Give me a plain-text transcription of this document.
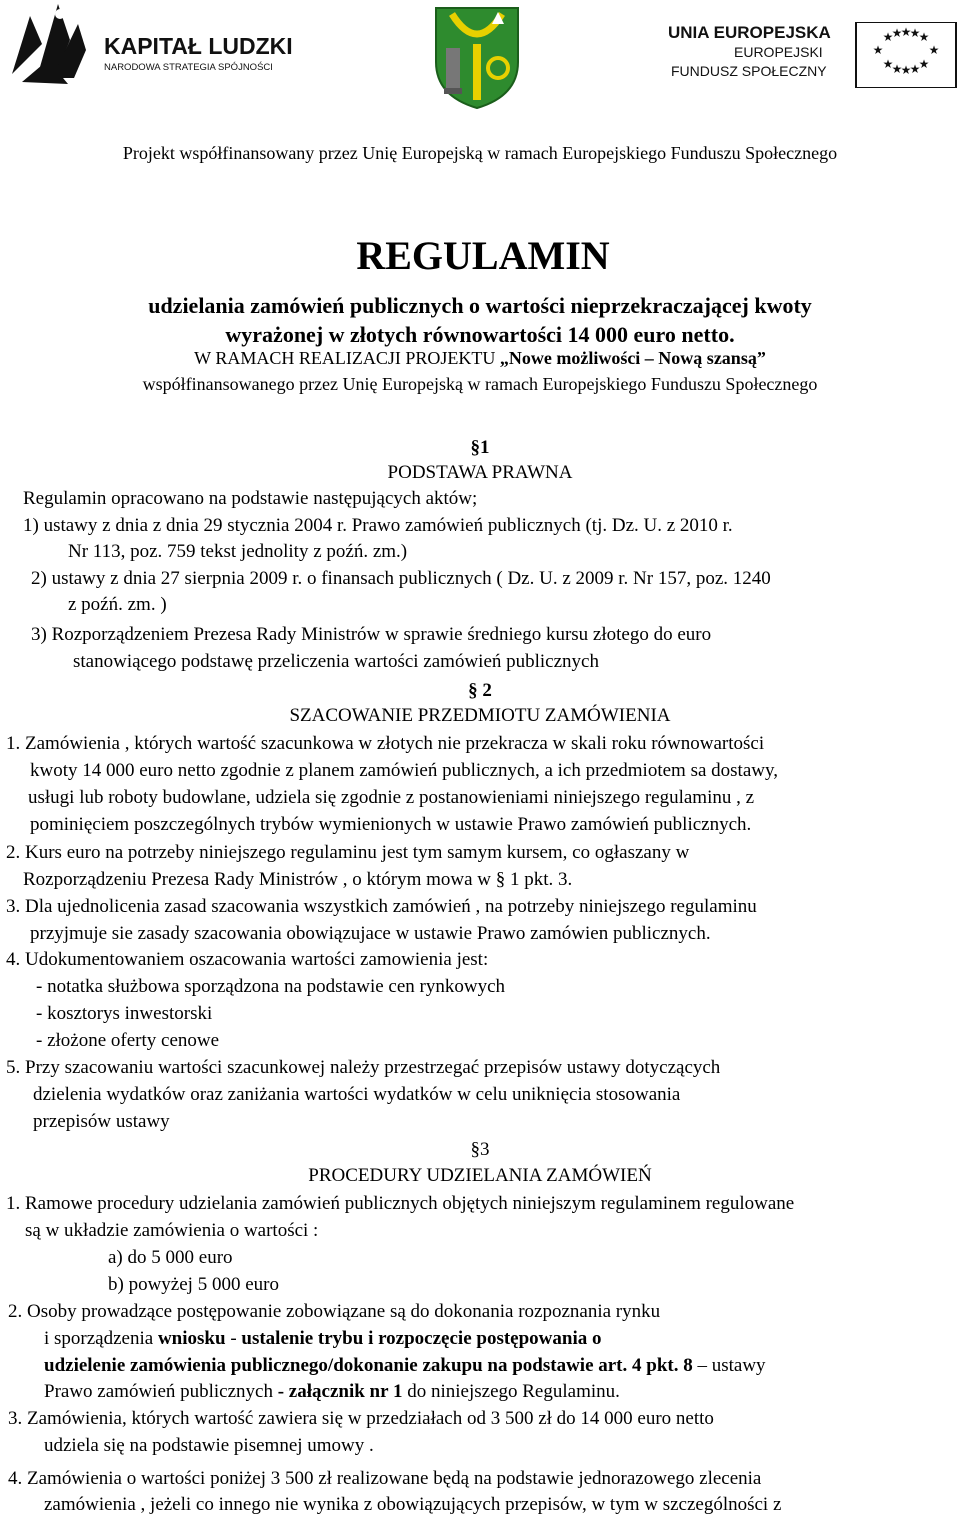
KAPITAŁ LUDZKI
NARODOWA STRATEGIA SPÓJNOŚCI
UNIA EUROPEJSKA
EUROPEJSKI
FUNDUSZ SPOŁECZNY
★ ★
★
★
★
★
★
★ ★
★
★
★
Projekt współfinansowany przez Unię Europejską w ramach Europejskiego Funduszu Społecznego
REGULAMIN
udzielania zamówień publicznych o wartości nieprzekraczającej kwoty
wyrażonej w złotych równowartości 14 000 euro netto.
W RAMACH REALIZACJI PROJEKTU „Nowe możliwości – Nową szansą”
współfinansowanego przez Unię Europejską w ramach Europejskiego Funduszu Społecznego
§1
PODSTAWA PRAWNA
Regulamin opracowano na podstawie następujących aktów;
1) ustawy z dnia z dnia 29 stycznia 2004 r. Prawo zamówień publicznych (tj. Dz. U. z 2010 r.
Nr 113, poz. 759 tekst jednolity z poźń. zm.)
2) ustawy z dnia 27 sierpnia 2009 r. o finansach publicznych ( Dz. U. z 2009 r. Nr 157, poz. 1240
z poźń. zm. )
3) Rozporządzeniem Prezesa Rady Ministrów w sprawie średniego kursu złotego do euro
stanowiącego podstawę przeliczenia wartości zamówień publicznych
§ 2
SZACOWANIE PRZEDMIOTU ZAMÓWIENIA
1. Zamówienia , których wartość szacunkowa w złotych nie przekracza w skali roku równowartości
kwoty 14 000 euro netto zgodnie z planem zamówień publicznych, a ich przedmiotem sa dostawy,
usługi lub roboty budowlane, udziela się zgodnie z postanowieniami niniejszego regulaminu , z
pominięciem poszczególnych trybów wymienionych w ustawie Prawo zamówień publicznych.
2. Kurs euro na potrzeby niniejszego regulaminu jest tym samym kursem, co ogłaszany w
Rozporządzeniu Prezesa Rady Ministrów , o którym mowa w § 1 pkt. 3.
3. Dla ujednolicenia zasad szacowania wszystkich zamówień , na potrzeby niniejszego regulaminu
przyjmuje sie zasady szacowania obowiązujace w ustawie Prawo zamówien publicznych.
4. Udokumentowaniem oszacowania wartości zamowienia jest:
- notatka służbowa sporządzona na podstawie cen rynkowych
- kosztorys inwestorski
- złożone oferty cenowe
5. Przy szacowaniu wartości szacunkowej należy przestrzegać przepisów ustawy dotyczących
dzielenia wydatków oraz zaniżania wartości wydatków w celu uniknięcia stosowania
przepisów ustawy
§3
PROCEDURY UDZIELANIA ZAMÓWIEŃ
1. Ramowe procedury udzielania zamówień publicznych objętych niniejszym regulaminem regulowane
są w układzie zamówienia o wartości :
a) do 5 000 euro
b) powyżej 5 000 euro
2. Osoby prowadzące postępowanie zobowiązane są do dokonania rozpoznania rynku
i sporządzenia wniosku - ustalenie trybu i rozpoczęcie postępowania o
udzielenie zamówienia publicznego/dokonanie zakupu na podstawie art. 4 pkt. 8 – ustawy
Prawo zamówień publicznych - załącznik nr 1 do niniejszego Regulaminu.
3. Zamówienia, których wartość zawiera się w przedziałach od 3 500 zł do 14 000 euro netto
udziela się na podstawie pisemnej umowy .
4. Zamówienia o wartości poniżej 3 500 zł realizowane będą na podstawie jednorazowego zlecenia
zamówienia , jeżeli co innego nie wynika z obowiązujących przepisów, w tym w szczególności z
